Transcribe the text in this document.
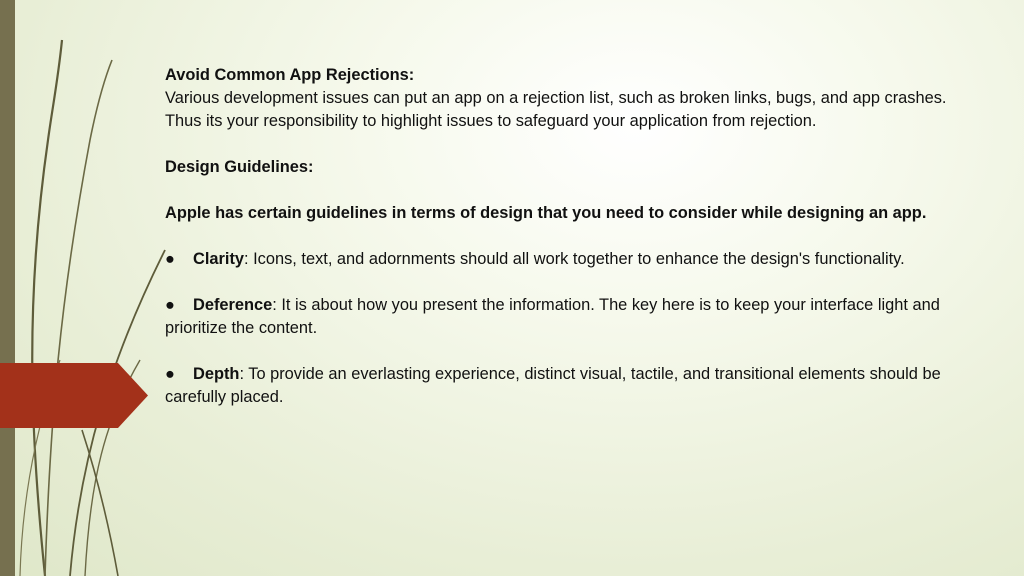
Avoid Common App Rejections:

Various development issues can put an app on a rejection list, such as broken links, bugs, and app crashes. Thus its your responsibility to highlight issues to safeguard your application from rejection.

Design Guidelines:

Apple has certain guidelines in terms of design that you need to consider while designing an app.

● Clarity: Icons, text, and adornments should all work together to enhance the design's functionality.

● Deference: It is about how you present the information. The key here is to keep your interface light and prioritize the content.

● Depth: To provide an everlasting experience, distinct visual, tactile, and transitional elements should be carefully placed.
